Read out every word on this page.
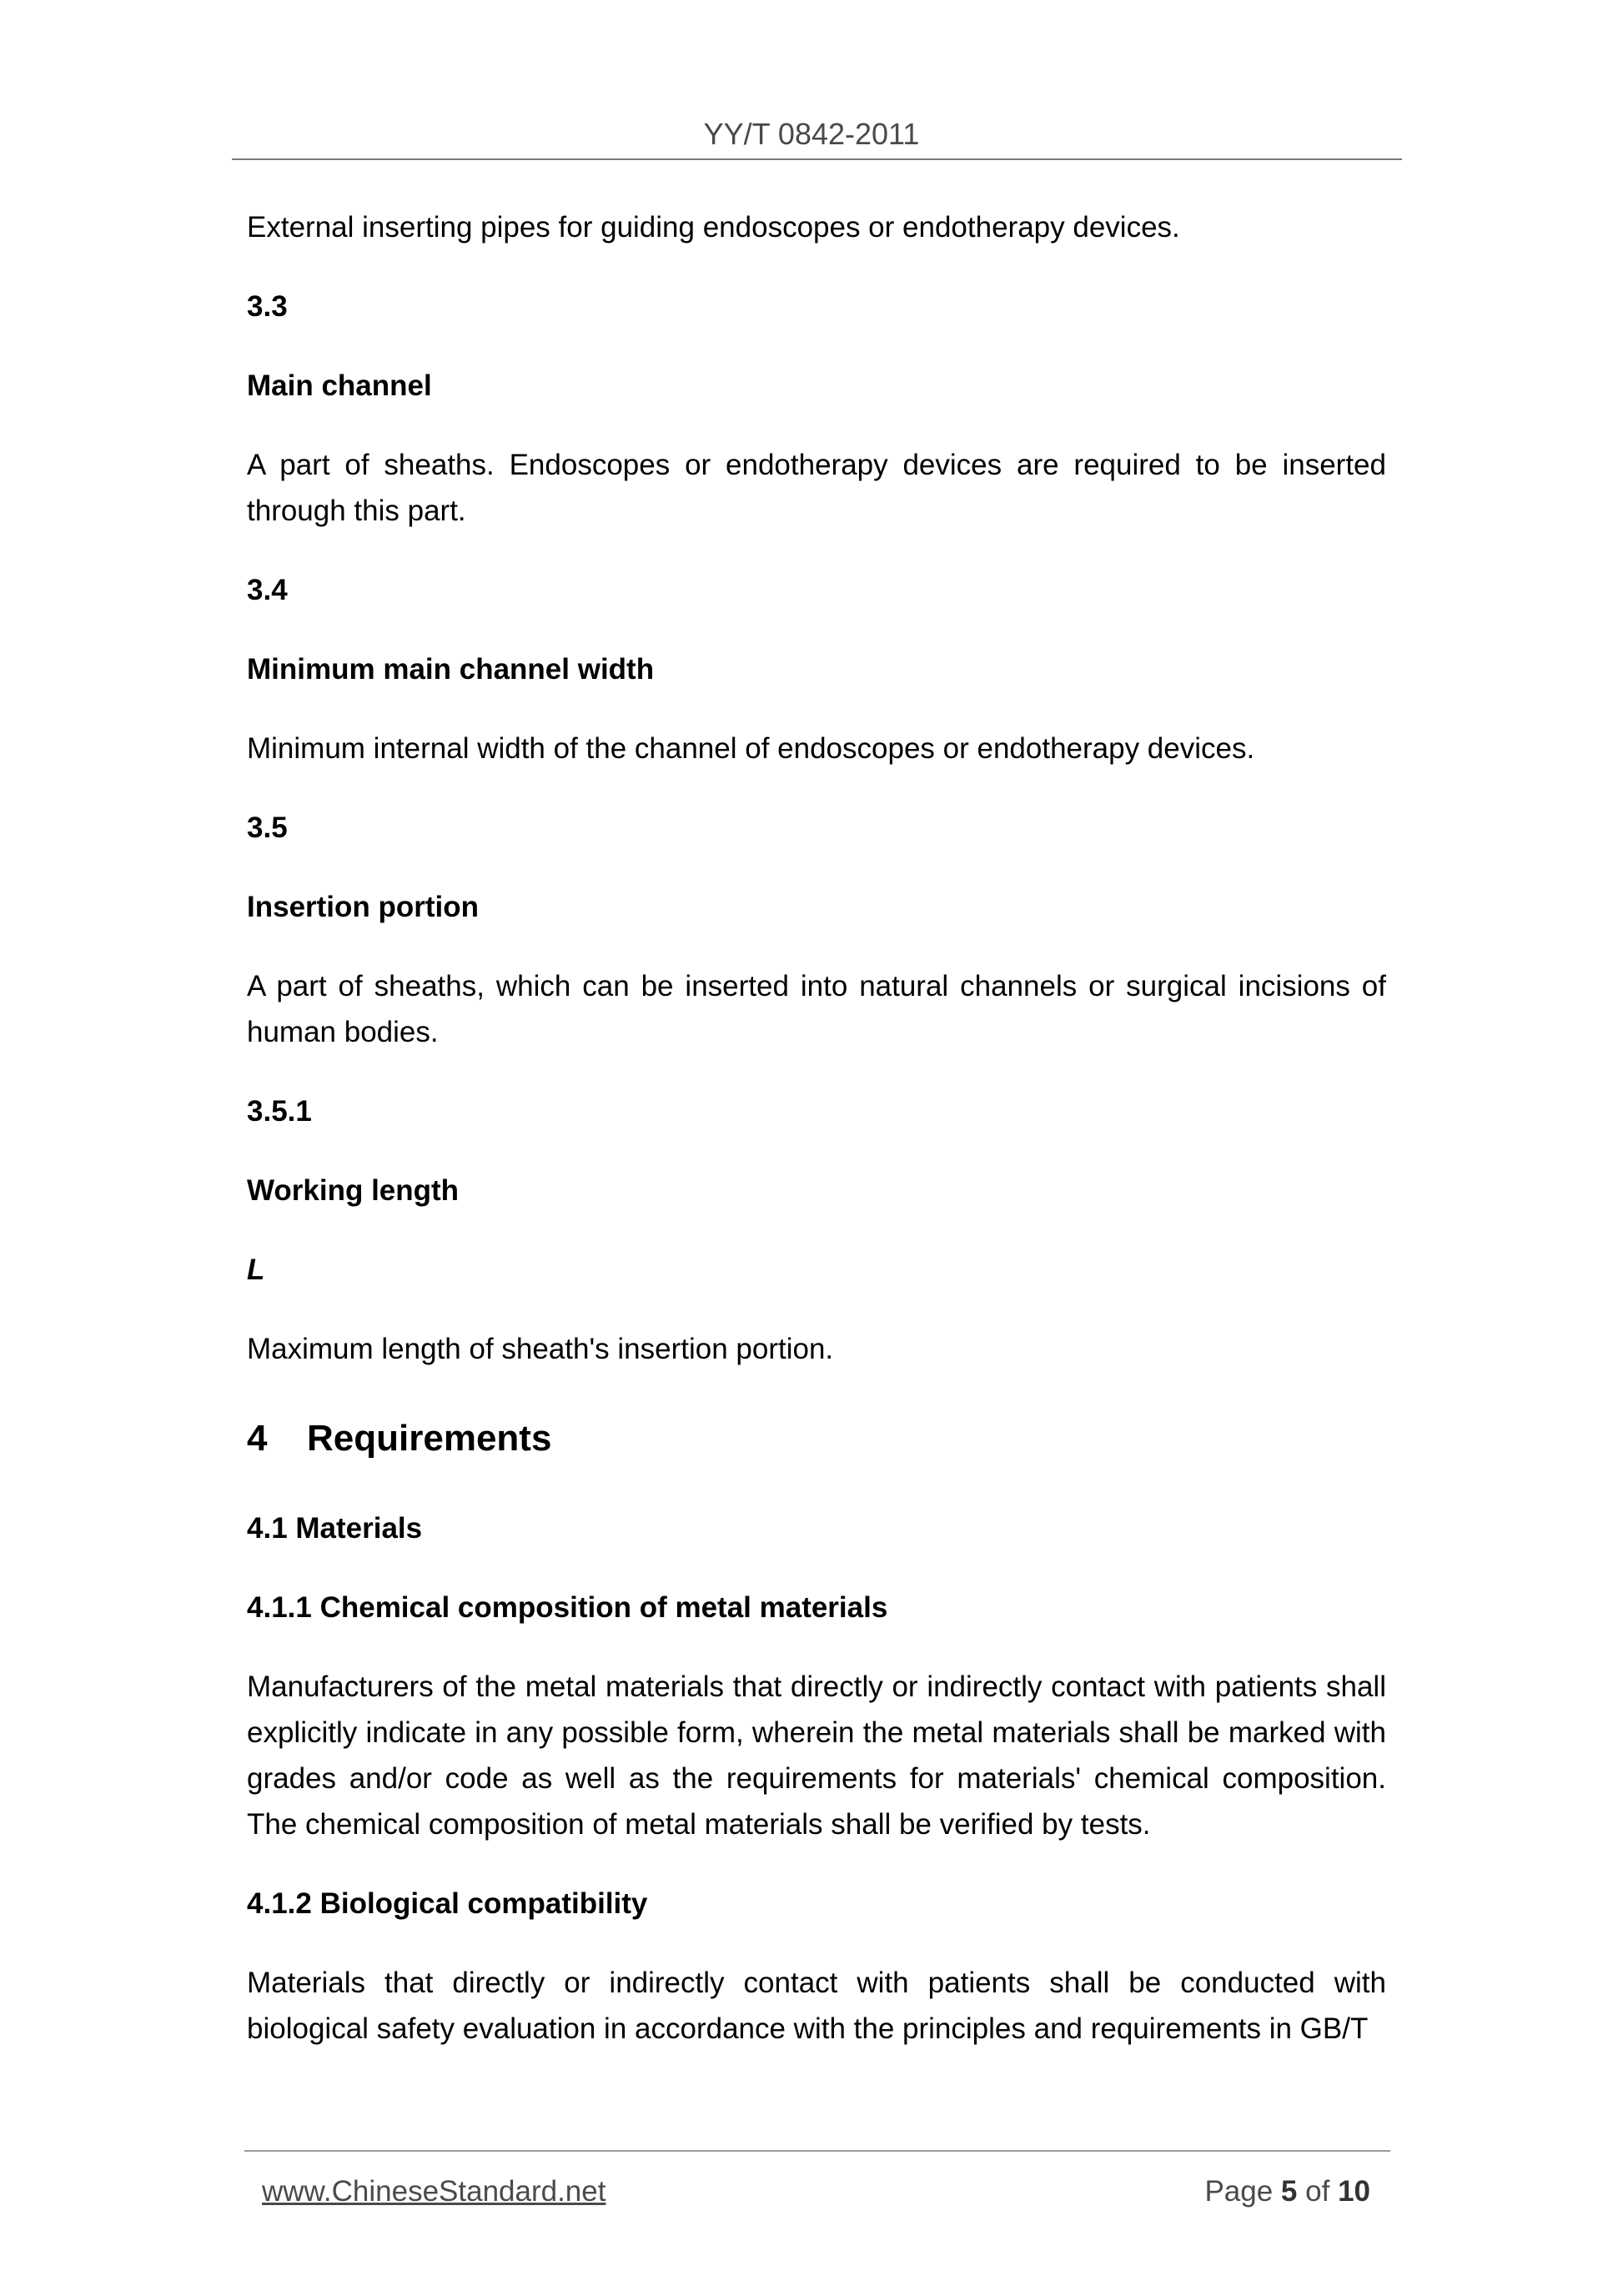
YY/T 0842-2011

External inserting pipes for guiding endoscopes or endotherapy devices.

3.3

Main channel

A part of sheaths. Endoscopes or endotherapy devices are required to be inserted through this part.

3.4

Minimum main channel width

Minimum internal width of the channel of endoscopes or endotherapy devices.

3.5

Insertion portion

A part of sheaths, which can be inserted into natural channels or surgical incisions of human bodies.

3.5.1

Working length

L

Maximum length of sheath's insertion portion.

4 Requirements

4.1 Materials

4.1.1 Chemical composition of metal materials

Manufacturers of the metal materials that directly or indirectly contact with patients shall explicitly indicate in any possible form, wherein the metal materials shall be marked with grades and/or code as well as the requirements for materials' chemical composition. The chemical composition of metal materials shall be verified by tests.

4.1.2 Biological compatibility

Materials that directly or indirectly contact with patients shall be conducted with biological safety evaluation in accordance with the principles and requirements in GB/T

www.ChineseStandard.net	Page 5 of 10
